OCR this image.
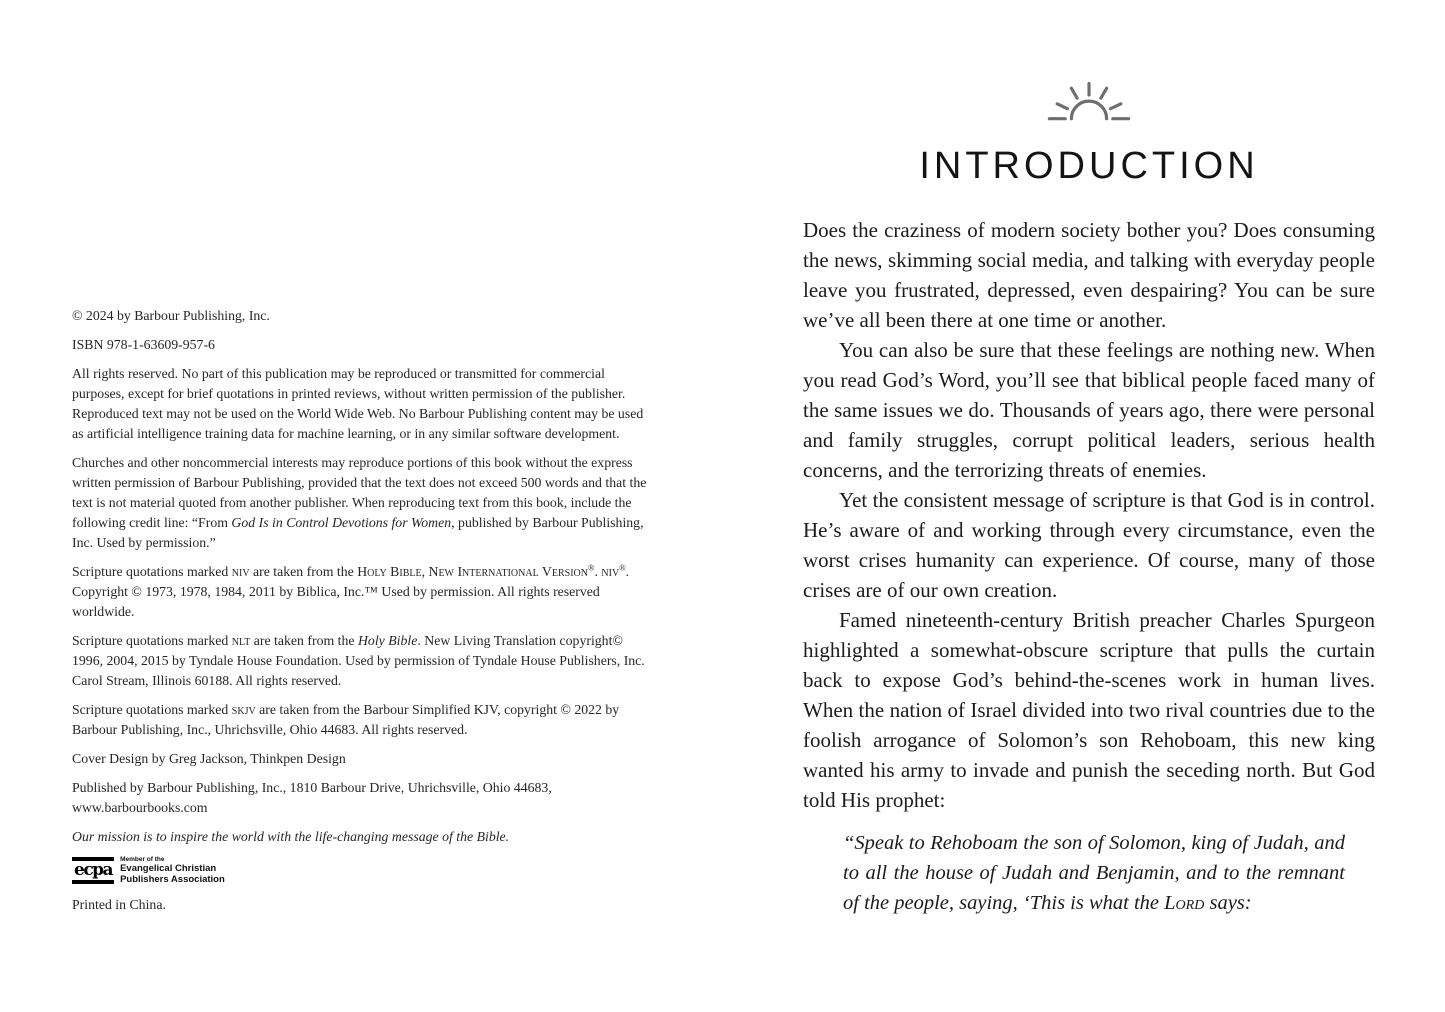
© 2024 by Barbour Publishing, Inc.

ISBN 978-1-63609-957-6

All rights reserved. No part of this publication may be reproduced or transmitted for commercial purposes, except for brief quotations in printed reviews, without written permission of the publisher. Reproduced text may not be used on the World Wide Web. No Barbour Publishing content may be used as artificial intelligence training data for machine learning, or in any similar software development.

Churches and other noncommercial interests may reproduce portions of this book without the express written permission of Barbour Publishing, provided that the text does not exceed 500 words and that the text is not material quoted from another publisher. When reproducing text from this book, include the following credit line: “From God Is in Control Devotions for Women, published by Barbour Publishing, Inc. Used by permission.”

Scripture quotations marked niv are taken from the Holy Bible, New International Version®. niv®. Copyright © 1973, 1978, 1984, 2011 by Biblica, Inc.™ Used by permission. All rights reserved worldwide.

Scripture quotations marked nlt are taken from the Holy Bible. New Living Translation copyright© 1996, 2004, 2015 by Tyndale House Foundation. Used by permission of Tyndale House Publishers, Inc. Carol Stream, Illinois 60188. All rights reserved.

Scripture quotations marked skjv are taken from the Barbour Simplified KJV, copyright © 2022 by Barbour Publishing, Inc., Uhrichsville, Ohio 44683. All rights reserved.

Cover Design by Greg Jackson, Thinkpen Design

Published by Barbour Publishing, Inc., 1810 Barbour Drive, Uhrichsville, Ohio 44683, www.barbourbooks.com

Our mission is to inspire the world with the life-changing message of the Bible.

ecpa
Member of the
Evangelical Christian
Publishers Association

Printed in China.

INTRODUCTION

Does the craziness of modern society bother you? Does consuming the news, skimming social media, and talking with everyday people leave you frustrated, depressed, even despairing? You can be sure we’ve all been there at one time or another.

You can also be sure that these feelings are nothing new. When you read God’s Word, you’ll see that biblical people faced many of the same issues we do. Thousands of years ago, there were personal and family struggles, corrupt political leaders, serious health concerns, and the terrorizing threats of enemies.

Yet the consistent message of scripture is that God is in control. He’s aware of and working through every circumstance, even the worst crises humanity can experience. Of course, many of those crises are of our own creation.

Famed nineteenth-century British preacher Charles Spurgeon highlighted a somewhat-obscure scripture that pulls the curtain back to expose God’s behind-the-scenes work in human lives. When the nation of Israel divided into two rival countries due to the foolish arrogance of Solomon’s son Rehoboam, this new king wanted his army to invade and punish the seceding north. But God told His prophet:

“Speak to Rehoboam the son of Solomon, king of Judah, and to all the house of Judah and Benjamin, and to the remnant of the people, saying, ‘This is what the Lord says:
